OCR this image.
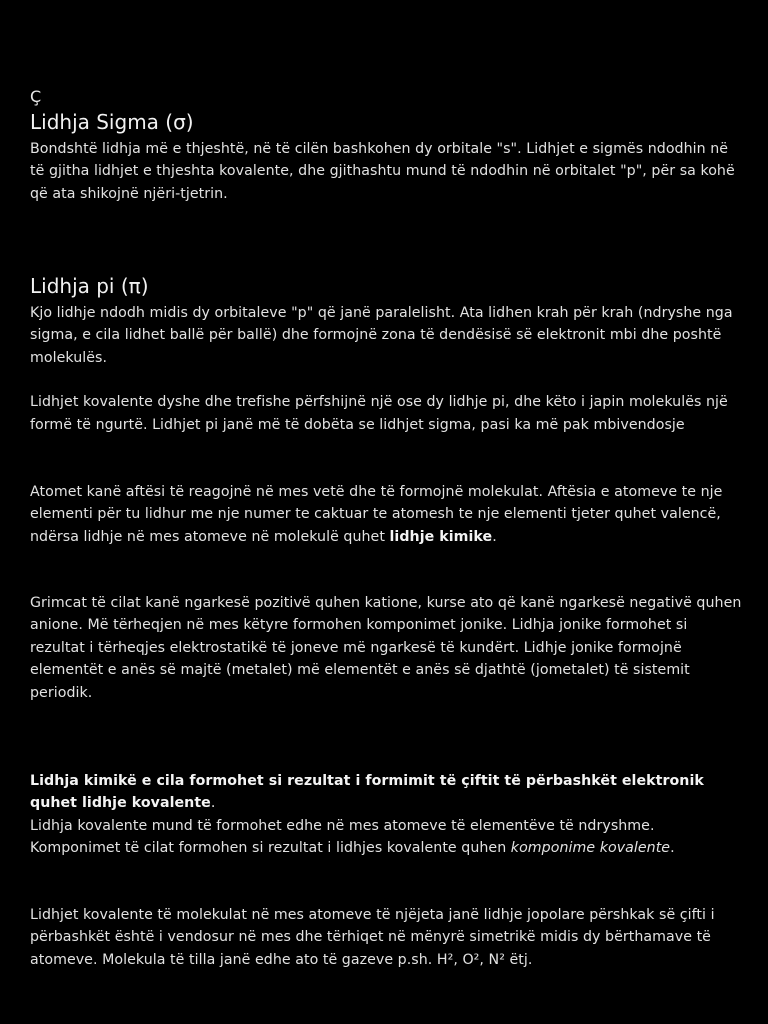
Ç
Lidhja Sigma (σ)

Bondshtë lidhja më e thjeshtë, në të cilën bashkohen dy orbitale "s". Lidhjet e sigmës ndodhin në të gjitha lidhjet e thjeshta kovalente, dhe gjithashtu mund të ndodhin në orbitalet "p", për sa kohë që ata shikojnë njëri-tjetrin.

Lidhja pi (π)

Kjo lidhje ndodh midis dy orbitaleve "p" që janë paralelisht. Ata lidhen krah për krah (ndryshe nga sigma, e cila lidhet ballë për ballë) dhe formojnë zona të dendësisë së elektronit mbi dhe poshtë molekulës.

Lidhjet kovalente dyshe dhe trefishe përfshijnë një ose dy lidhje pi, dhe këto i japin molekulës një formë të ngurtë. Lidhjet pi janë më të dobëta se lidhjet sigma, pasi ka më pak mbivendosje

Atomet kanë aftësi të reagojnë në mes vetë dhe të formojnë molekulat. Aftësia e atomeve te nje elementi për tu lidhur me nje numer te caktuar te atomesh te nje elementi tjeter quhet valencë, ndërsa lidhje në mes atomeve në molekulë quhet lidhje kimike.

Grimcat të cilat kanë ngarkesë pozitivë quhen katione, kurse ato që kanë ngarkesë negativë quhen anione. Më tërheqjen në mes këtyre formohen komponimet jonike. Lidhja jonike formohet si rezultat i tërheqjes elektrostatikë të joneve më ngarkesë të kundërt. Lidhje jonike formojnë elementët e anës së majtë (metalet) më elementët e anës së djathtë (jometalet) të sistemit periodik.

Lidhja kimikë e cila formohet si rezultat i formimit të çiftit të përbashkët elektronik quhet lidhje kovalente.

Lidhja kovalente mund të formohet edhe në mes atomeve të elementëve të ndryshme.

Komponimet të cilat formohen si rezultat i lidhjes kovalente quhen komponime kovalente.

Lidhjet kovalente të molekulat në mes atomeve të njëjeta janë lidhje jopolare përshkak së çifti i përbashkët është i vendosur në mes dhe tërhiqet në mënyrë simetrikë midis dy bërthamave të atomeve. Molekula të tilla janë edhe ato të gazeve p.sh. H², O², N² ëtj.
